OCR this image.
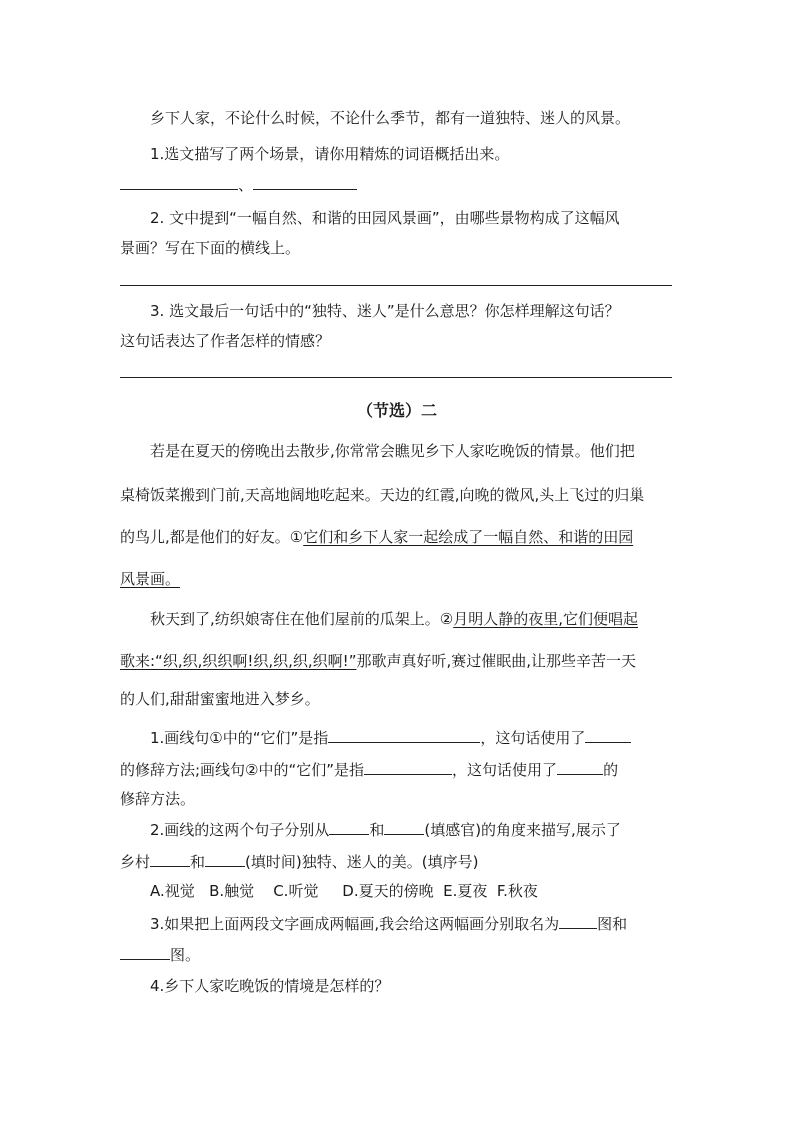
乡下人家，不论什么时候，不论什么季节，都有一道独特、迷人的风景。
1.选文描写了两个场景，请你用精炼的词语概括出来。
、
2. 文中提到“一幅自然、和谐的田园风景画”，由哪些景物构成了这幅风
景画？写在下面的横线上。
3. 选文最后一句话中的“独特、迷人”是什么意思？你怎样理解这句话？
这句话表达了作者怎样的情感？
（节选）二
若是在夏天的傍晚出去散步,你常常会瞧见乡下人家吃晚饭的情景。他们把
桌椅饭菜搬到门前,天高地阔地吃起来。天边的红霞,向晚的微风,头上飞过的归巢
的鸟儿,都是他们的好友。①它们和乡下人家一起绘成了一幅自然、和谐的田园
风景画。
秋天到了,纺织娘寄住在他们屋前的瓜架上。②月明人静的夜里,它们便唱起
歌来:“织,织,织织啊!织,织,织,织啊!”那歌声真好听,赛过催眠曲,让那些辛苦一天
的人们,甜甜蜜蜜地进入梦乡。
1.画线句①中的“它们”是指	，这句话使用了
的修辞方法;画线句②中的“它们”是指	，这句话使用了	的
修辞方法。
2.画线的这两个句子分别从	和	(填感官)的角度来描写,展示了
乡村	和	(填时间)独特、迷人的美。(填序号)
A.视觉   B.触觉    C.听觉     D.夏天的傍晚  E.夏夜  F.秋夜
3.如果把上面两段文字画成两幅画,我会给这两幅画分别取名为	图和
图。
4.乡下人家吃晚饭的情境是怎样的？
